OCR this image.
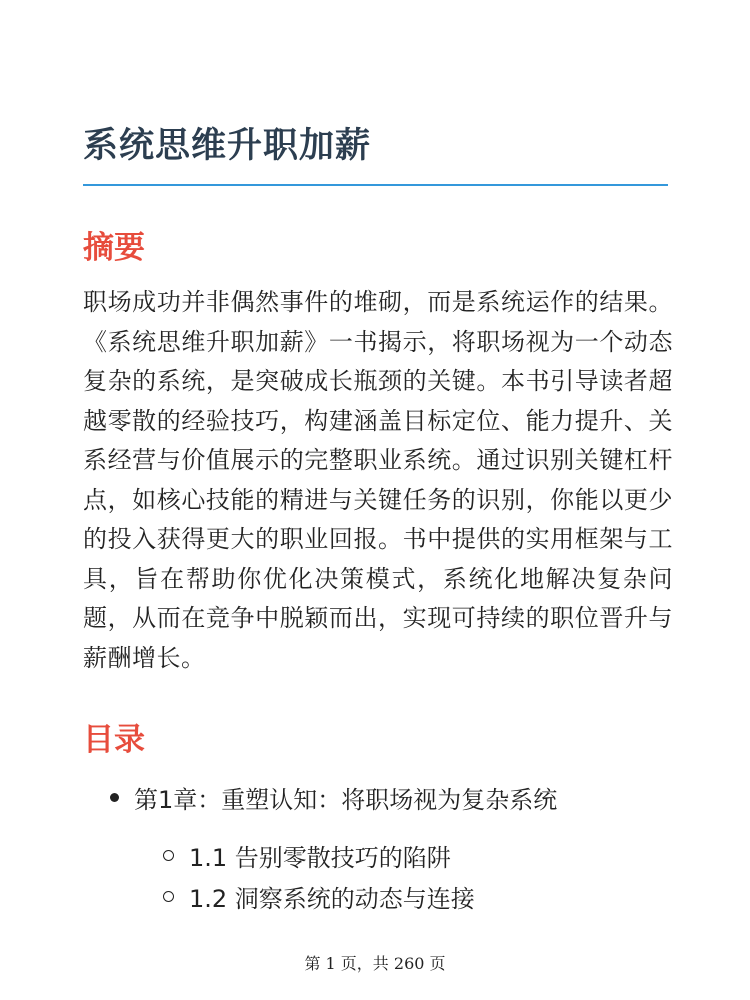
系统思维升职加薪
摘要

职场成功并非偶然事件的堆砌，而是系统运作的结果。《系统思维升职加薪》一书揭示，将职场视为一个动态复杂的系统，是突破成长瓶颈的关键。本书引导读者超越零散的经验技巧，构建涵盖目标定位、能力提升、关系经营与价值展示的完整职业系统。通过识别关键杠杆点，如核心技能的精进与关键任务的识别，你能以更少的投入获得更大的职业回报。书中提供的实用框架与工具，旨在帮助你优化决策模式，系统化地解决复杂问题，从而在竞争中脱颖而出，实现可持续的职位晋升与薪酬增长。

目录
第1章：重塑认知：将职场视为复杂系统
1.1 告别零散技巧的陷阱
1.2 洞察系统的动态与连接
第 1 页，共 260 页
